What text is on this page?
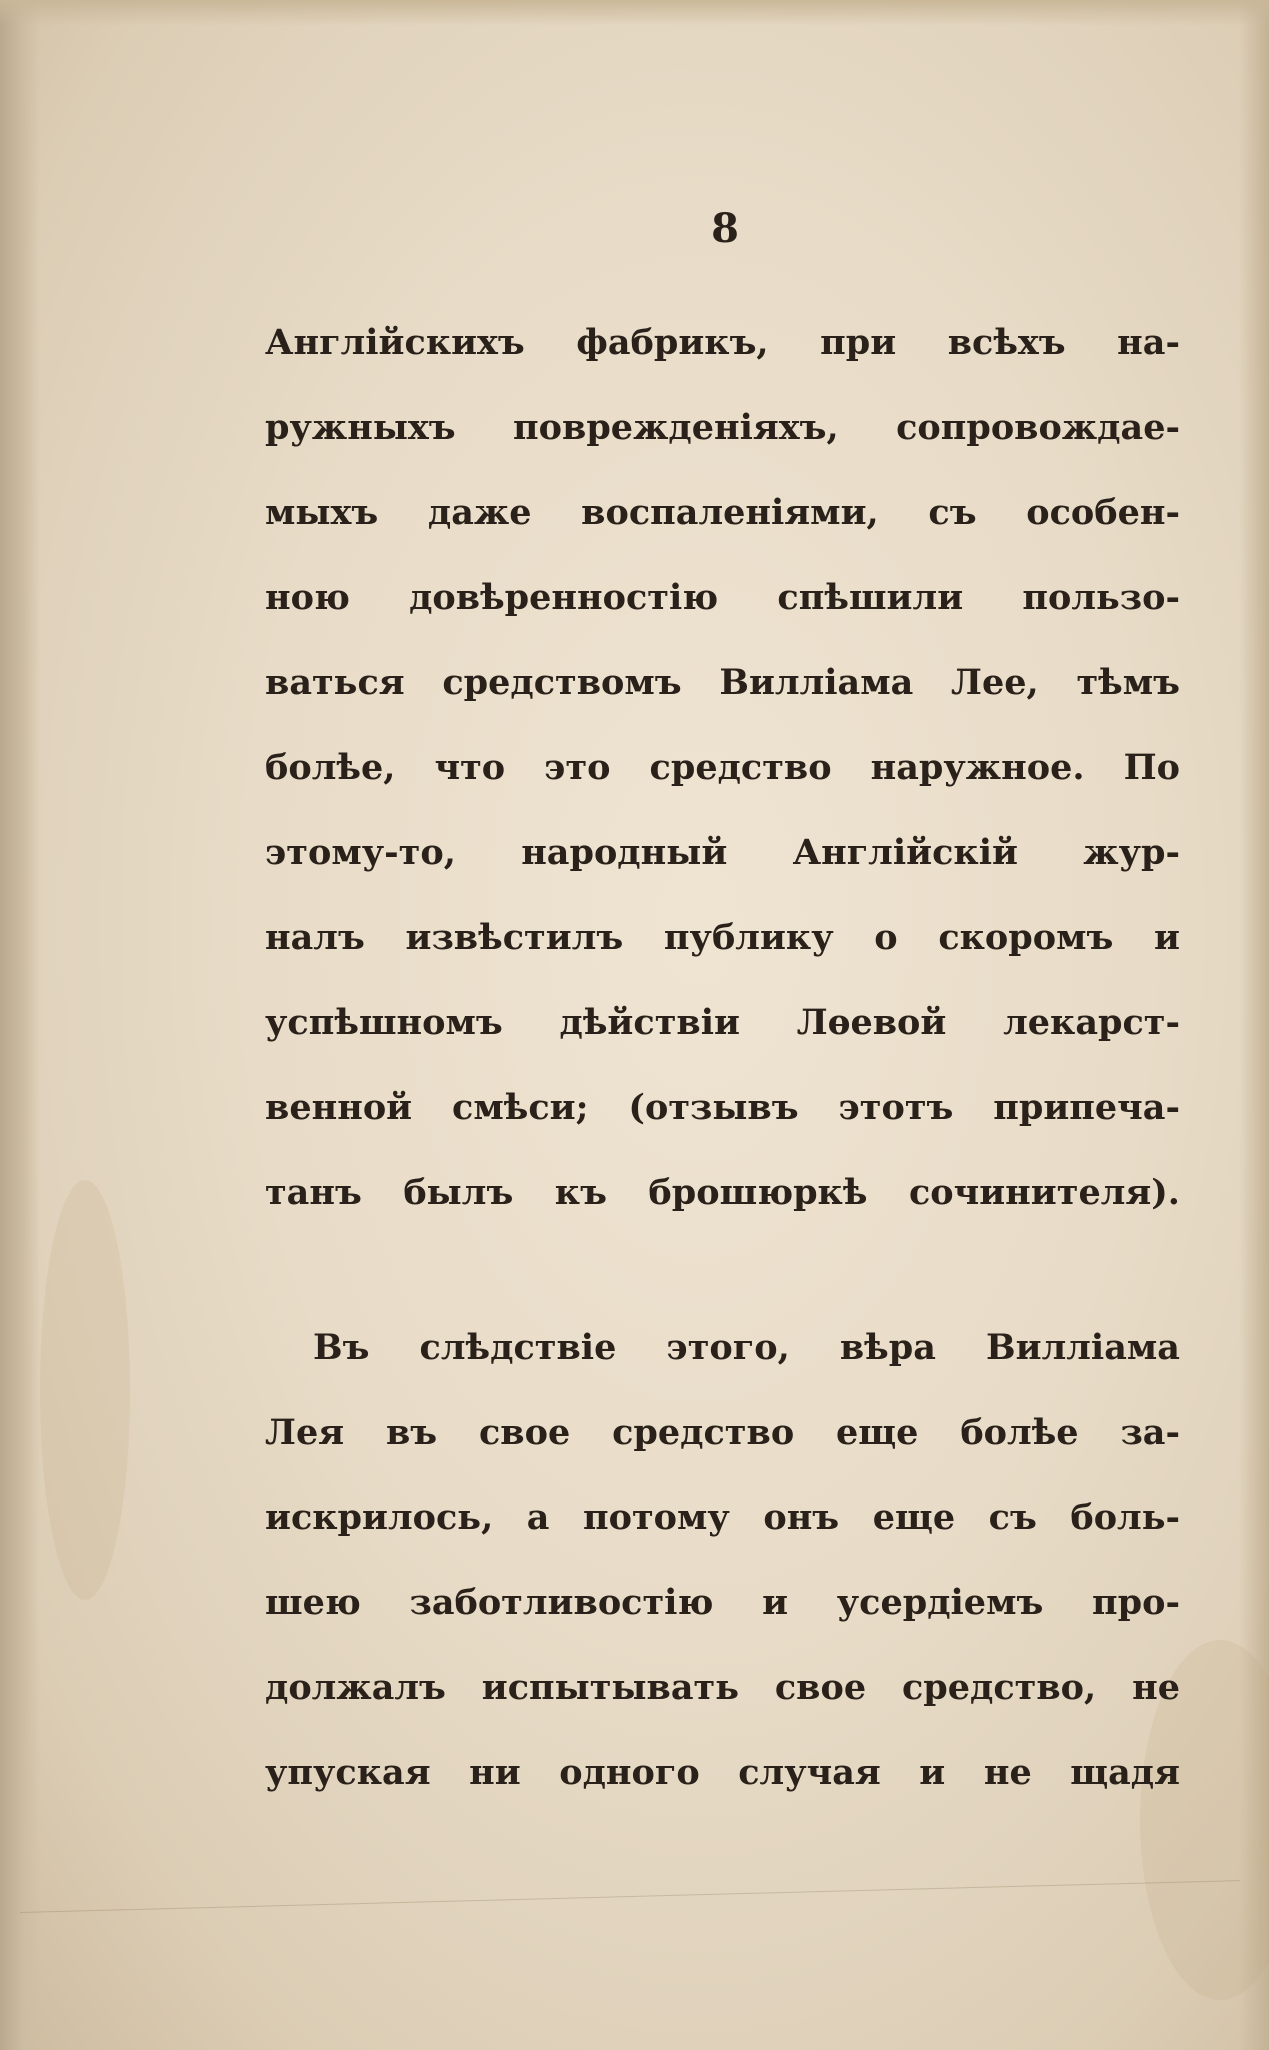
8
Англійскихъ фабрикъ, при всѣхъ на-
ружныхъ поврежденіяхъ, сопровождае-
мыхъ даже воспаленіями, съ особен-
ною довѣренностію спѣшили пользо-
ваться средствомъ Вилліама Лее, тѣмъ
болѣе, что это средство наружное. По
этому-то, народный Англійскій жур-
налъ извѣстилъ публику о скоромъ и
успѣшномъ дѣйствіи Лѳевой лекарст-
венной смѣси; (отзывъ этотъ припеча-
танъ былъ къ брошюркѣ сочинителя).
Въ слѣдствіе этого, вѣра Вилліама
Лея въ свое средство еще болѣе за-
искрилось, а потому онъ еще съ боль-
шею заботливостію и усердіемъ про-
должалъ испытывать свое средство, не
упуская ни одного случая и не щадя
